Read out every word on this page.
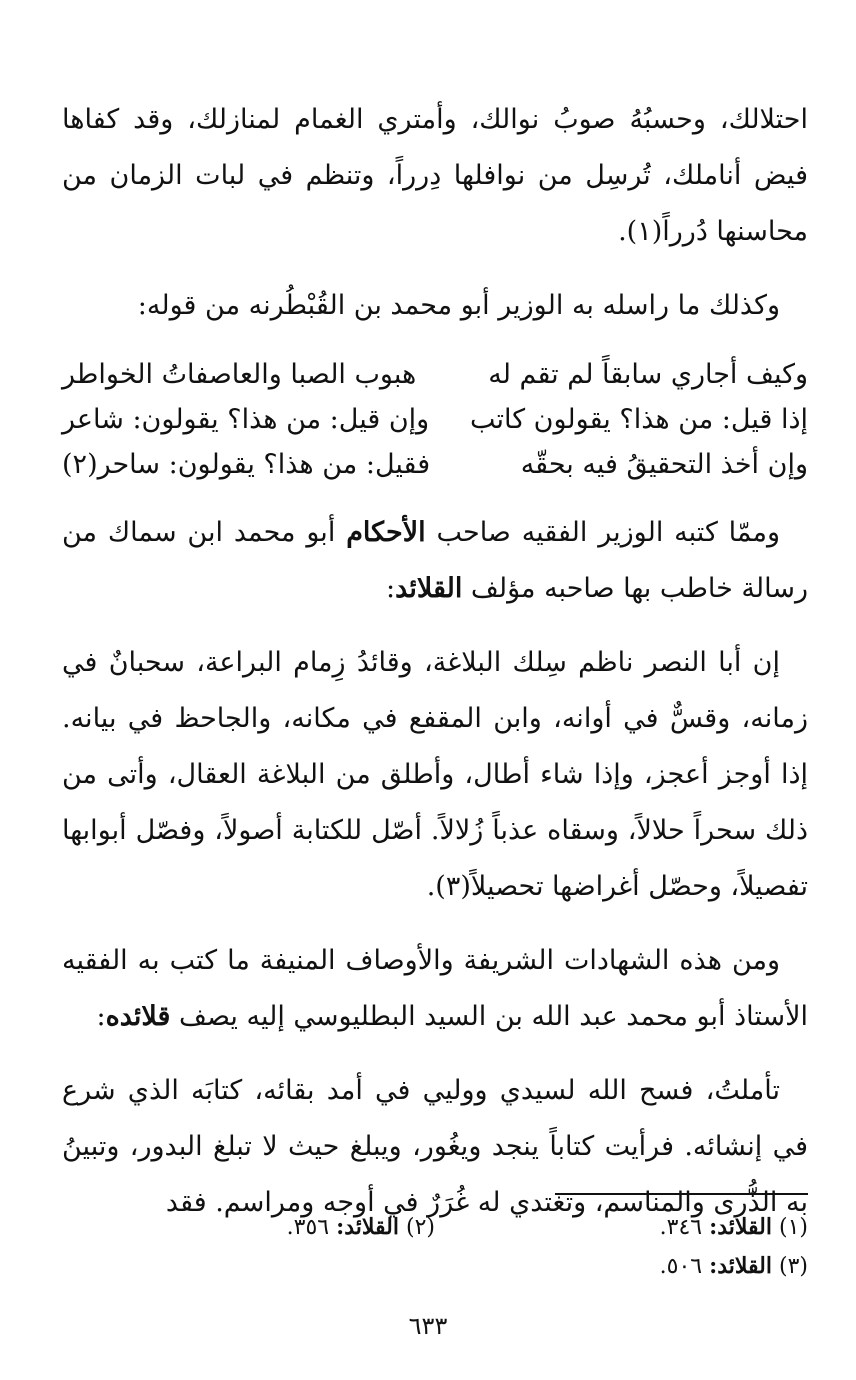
احتلالك، وحسبُهُ صوبُ نوالك، وأمتري الغمام لمنازلك، وقد كفاها فيض أناملك، تُرسِل من نوافلها دِرراً، وتنظم في لبات الزمان من محاسنها دُرراً(١).

وكذلك ما راسله به الوزير أبو محمد بن القُبْطُرنه من قوله:

وكيف أجاري سابقاً لم تقم له
هبوب الصبا والعاصفاتُ الخواطر
إذا قيل: من هذا؟ يقولون كاتب
وإن قيل: من هذا؟ يقولون: شاعر
وإن أخذ التحقيقُ فيه بحقّه
فقيل: من هذا؟ يقولون: ساحر(٢)

وممّا كتبه الوزير الفقيه صاحب الأحكام أبو محمد ابن سماك من رسالة خاطب بها صاحبه مؤلف القلائد:

إن أبا النصر ناظم سِلك البلاغة، وقائدُ زِمام البراعة، سحبانٌ في زمانه، وقسٌّ في أوانه، وابن المقفع في مكانه، والجاحظ في بيانه. إذا أوجز أعجز، وإذا شاء أطال، وأطلق من البلاغة العقال، وأتى من ذلك سحراً حلالاً، وسقاه عذباً زُلالاً. أصّل للكتابة أصولاً، وفصّل أبوابها تفصيلاً، وحصّل أغراضها تحصيلاً(٣).

ومن هذه الشهادات الشريفة والأوصاف المنيفة ما كتب به الفقيه الأستاذ أبو محمد عبد الله بن السيد البطليوسي إليه يصف قلائده:

تأملتُ، فسح الله لسيدي ووليي في أمد بقائه، كتابَه الذي شرع في إنشائه. فرأيت كتاباً ينجد ويغُور، ويبلغ حيث لا تبلغ البدور، وتبينُ به الذُّرى والمناسم، وتغتدي له غُرَرٌ في أوجه ومراسم. فقد

(١) القلائد: ٣٤٦.
(٢) القلائد: ٣٥٦.
(٣) القلائد: ٥٠٦.
٦٣٣
